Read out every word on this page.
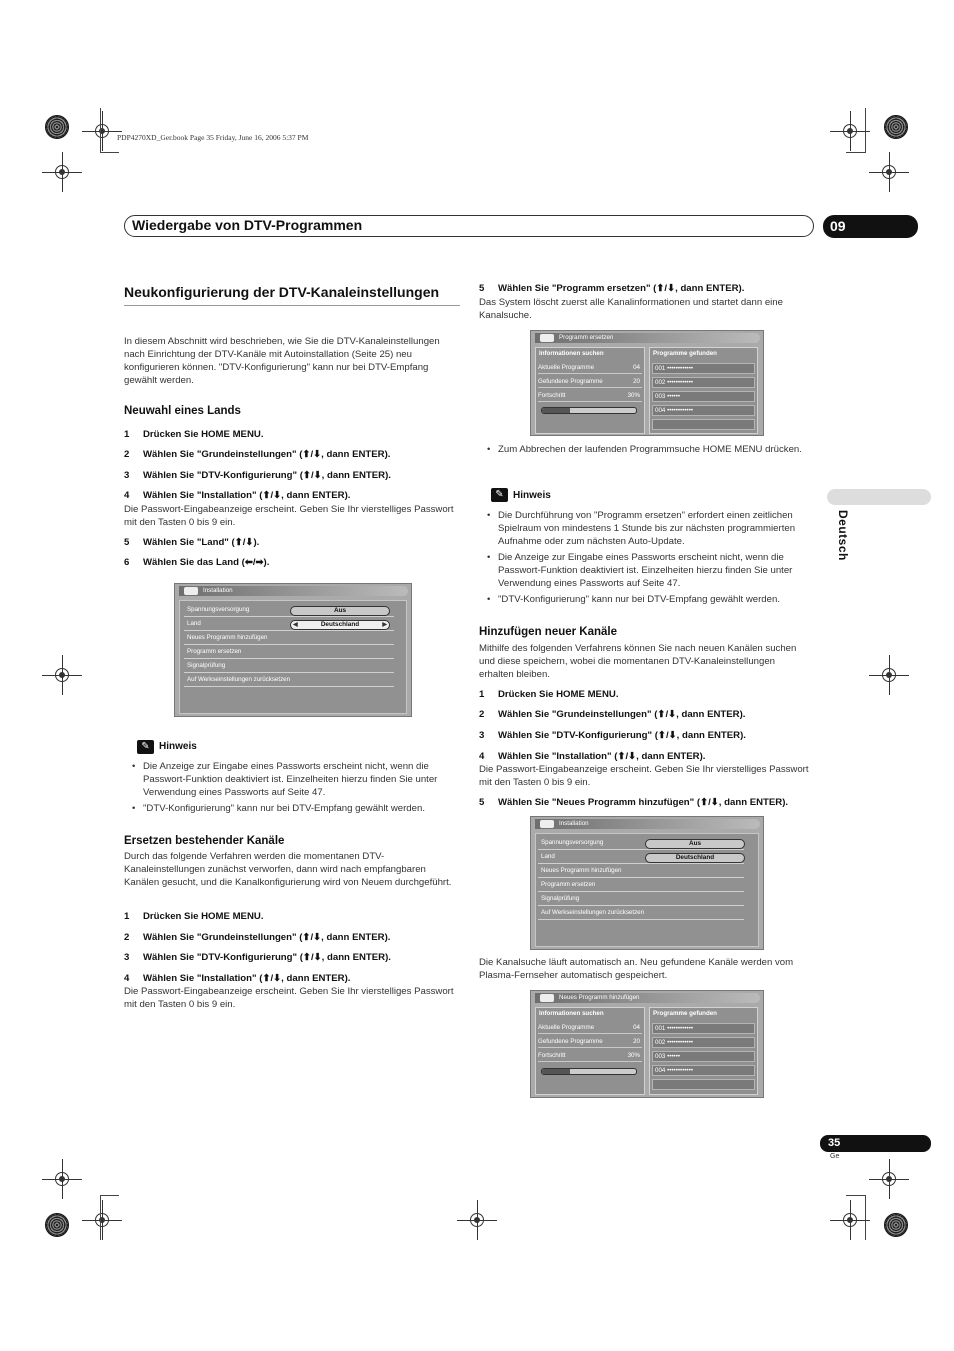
PDP4270XD_Ger.book Page 35 Friday, June 16, 2006 5:37 PM
Wiedergabe von DTV-Programmen	09
Deutsch
Neukonfigurierung der DTV-Kanaleinstellungen

In diesem Abschnitt wird beschrieben, wie Sie die DTV-Kanaleinstellungen nach Einrichtung der DTV-Kanäle mit Autoinstallation (Seite 25) neu konfigurieren können. "DTV-Konfigurierung" kann nur bei DTV-Empfang gewählt werden.

Neuwahl eines Lands
1 Drücken Sie HOME MENU.
2 Wählen Sie "Grundeinstellungen" (⬆/⬇, dann ENTER).
3 Wählen Sie "DTV-Konfigurierung" (⬆/⬇, dann ENTER).
4 Wählen Sie "Installation" (⬆/⬇, dann ENTER).

Die Passwort-Eingabeanzeige erscheint. Geben Sie Ihr vierstelliges Passwort mit den Tasten 0 bis 9 ein.

5 Wählen Sie "Land" (⬆/⬇).
6 Wählen Sie das Land (⬅/➡).
Installation
Spannungsversorgung	Aus
Land	◀	Deutschland	▶
Neues Programm hinzufügen
Programm ersetzen
Signalprüfung
Auf Werkseinstellungen zurücksetzen
✎ Hinweis
• Die Anzeige zur Eingabe eines Passworts erscheint nicht, wenn die Passwort-Funktion deaktiviert ist. Einzelheiten hierzu finden Sie unter Verwendung eines Passworts auf Seite 47.
• "DTV-Konfigurierung" kann nur bei DTV-Empfang gewählt werden.
Ersetzen bestehender Kanäle

Durch das folgende Verfahren werden die momentanen DTV-Kanaleinstellungen zunächst verworfen, dann wird nach empfangbaren Kanälen gesucht, und die Kanalkonfigurierung wird von Neuem durchgeführt.

1 Drücken Sie HOME MENU.
2 Wählen Sie "Grundeinstellungen" (⬆/⬇, dann ENTER).
3 Wählen Sie "DTV-Konfigurierung" (⬆/⬇, dann ENTER).
4 Wählen Sie "Installation" (⬆/⬇, dann ENTER).

Die Passwort-Eingabeanzeige erscheint. Geben Sie Ihr vierstelliges Passwort mit den Tasten 0 bis 9 ein.

5 Wählen Sie "Programm ersetzen" (⬆/⬇, dann ENTER).

Das System löscht zuerst alle Kanalinformationen und startet dann eine Kanalsuche.

Programm ersetzen
Informationen suchen
Aktuelle Programme	04
Gefundene Programme	20
Fortschritt	30%
Programme gefunden
001 ••••••••••••
002 ••••••••••••
003 ••••••
004 ••••••••••••
• Zum Abbrechen der laufenden Programmsuche HOME MENU drücken.
✎ Hinweis
• Die Durchführung von "Programm ersetzen" erfordert einen zeitlichen Spielraum von mindestens 1 Stunde bis zur nächsten programmierten Aufnahme oder zum nächsten Auto-Update.
• Die Anzeige zur Eingabe eines Passworts erscheint nicht, wenn die Passwort-Funktion deaktiviert ist. Einzelheiten hierzu finden Sie unter Verwendung eines Passworts auf Seite 47.
• "DTV-Konfigurierung" kann nur bei DTV-Empfang gewählt werden.
Hinzufügen neuer Kanäle

Mithilfe des folgenden Verfahrens können Sie nach neuen Kanälen suchen und diese speichern, wobei die momentanen DTV-Kanaleinstellungen erhalten bleiben.

1 Drücken Sie HOME MENU.
2 Wählen Sie "Grundeinstellungen" (⬆/⬇, dann ENTER).
3 Wählen Sie "DTV-Konfigurierung" (⬆/⬇, dann ENTER).
4 Wählen Sie "Installation" (⬆/⬇, dann ENTER).

Die Passwort-Eingabeanzeige erscheint. Geben Sie Ihr vierstelliges Passwort mit den Tasten 0 bis 9 ein.

5 Wählen Sie "Neues Programm hinzufügen" (⬆/⬇, dann ENTER).
Installation
Spannungsversorgung	Aus
Land	Deutschland
Neues Programm hinzufügen
Programm ersetzen
Signalprüfung
Auf Werkseinstellungen zurücksetzen

Die Kanalsuche läuft automatisch an. Neu gefundene Kanäle werden vom Plasma-Fernseher automatisch gespeichert.

Neues Programm hinzufügen
Informationen suchen
Aktuelle Programme	04
Gefundene Programme	20
Fortschritt	30%
Programme gefunden
001 ••••••••••••
002 ••••••••••••
003 ••••••
004 ••••••••••••
35
Ge
